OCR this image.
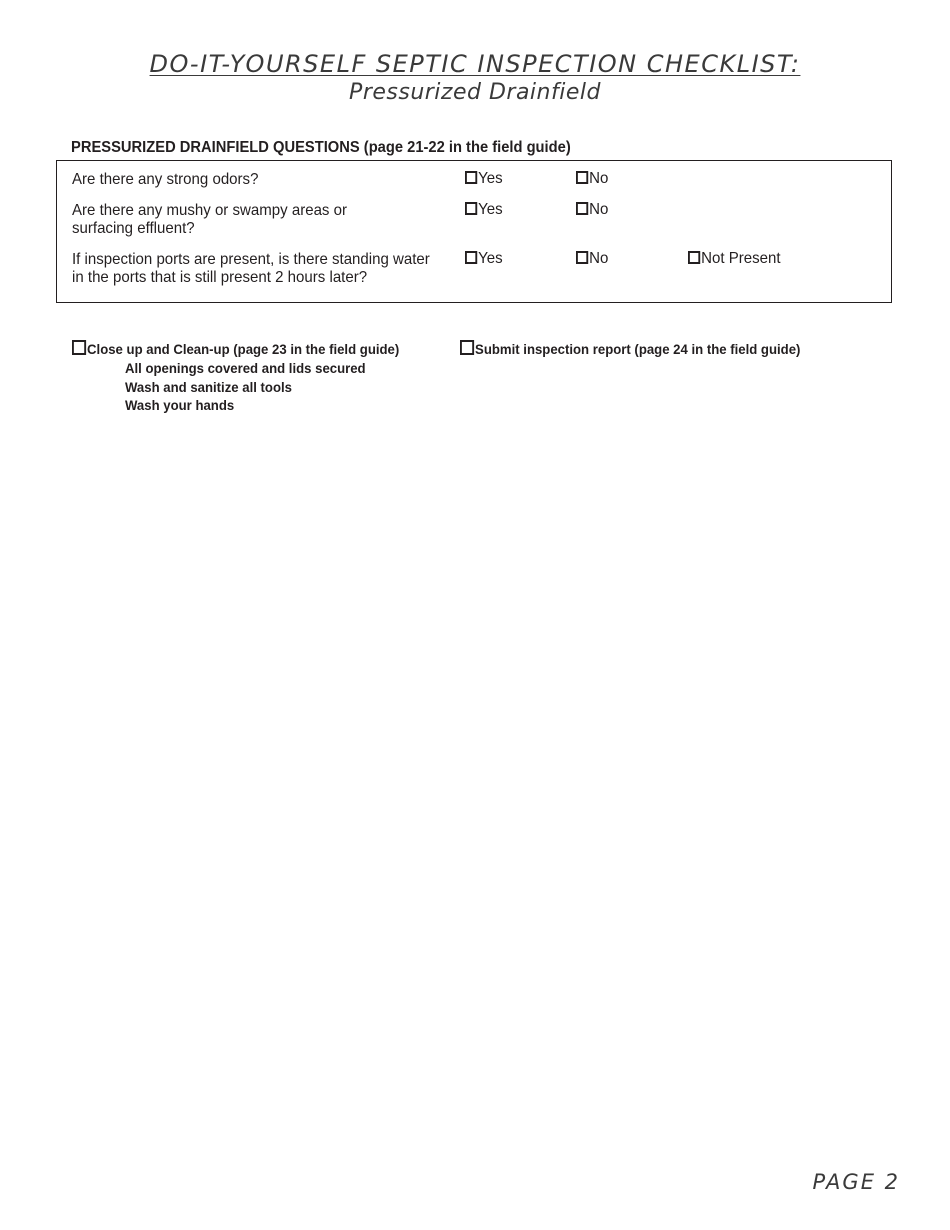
DO-IT-YOURSELF SEPTIC INSPECTION CHECKLIST:
Pressurized Drainfield
PRESSURIZED DRAINFIELD QUESTIONS (page 21-22 in the field guide)
Are there any strong odors?	Yes	No
Are there any mushy or swampy areas or
surfacing effluent?
Yes	No
If inspection ports are present, is there standing water
in the ports that is still present 2 hours later?
Yes	No	Not Present
Close up and Clean-up (page 23 in the field guide)
All openings covered and lids secured
Wash and sanitize all tools
Wash your hands
Submit inspection report (page 24 in the field guide)
PAGE 2
